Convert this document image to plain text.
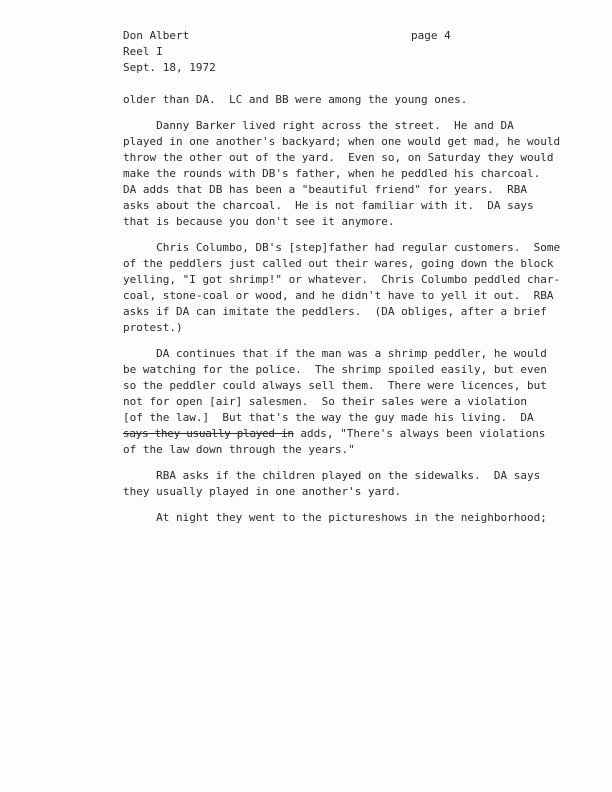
Don Albert
Reel I
Sept. 18, 1972
page 4
older than DA.  LC and BB were among the young ones.
Danny Barker lived right across the street.  He and DA
played in one another's backyard; when one would get mad, he would
throw the other out of the yard.  Even so, on Saturday they would
make the rounds with DB's father, when he peddled his charcoal.
DA adds that DB has been a "beautiful friend" for years.  RBA
asks about the charcoal.  He is not familiar with it.  DA says
that is because you don't see it anymore.
Chris Columbo, DB's [step]father had regular customers.  Some
of the peddlers just called out their wares, going down the block
yelling, "I got shrimp!" or whatever.  Chris Columbo peddled char-
coal, stone-coal or wood, and he didn't have to yell it out.  RBA
asks if DA can imitate the peddlers.  (DA obliges, after a brief
protest.)
DA continues that if the man was a shrimp peddler, he would
be watching for the police.  The shrimp spoiled easily, but even
so the peddler could always sell them.  There were licences, but
not for open [air] salesmen.  So their sales were a violation
[of the law.]  But that's the way the guy made his living.  DA
says they usually played in adds, "There's always been violations
of the law down through the years."
RBA asks if the children played on the sidewalks.  DA says
they usually played in one another's yard.
At night they went to the pictureshows in the neighborhood;
